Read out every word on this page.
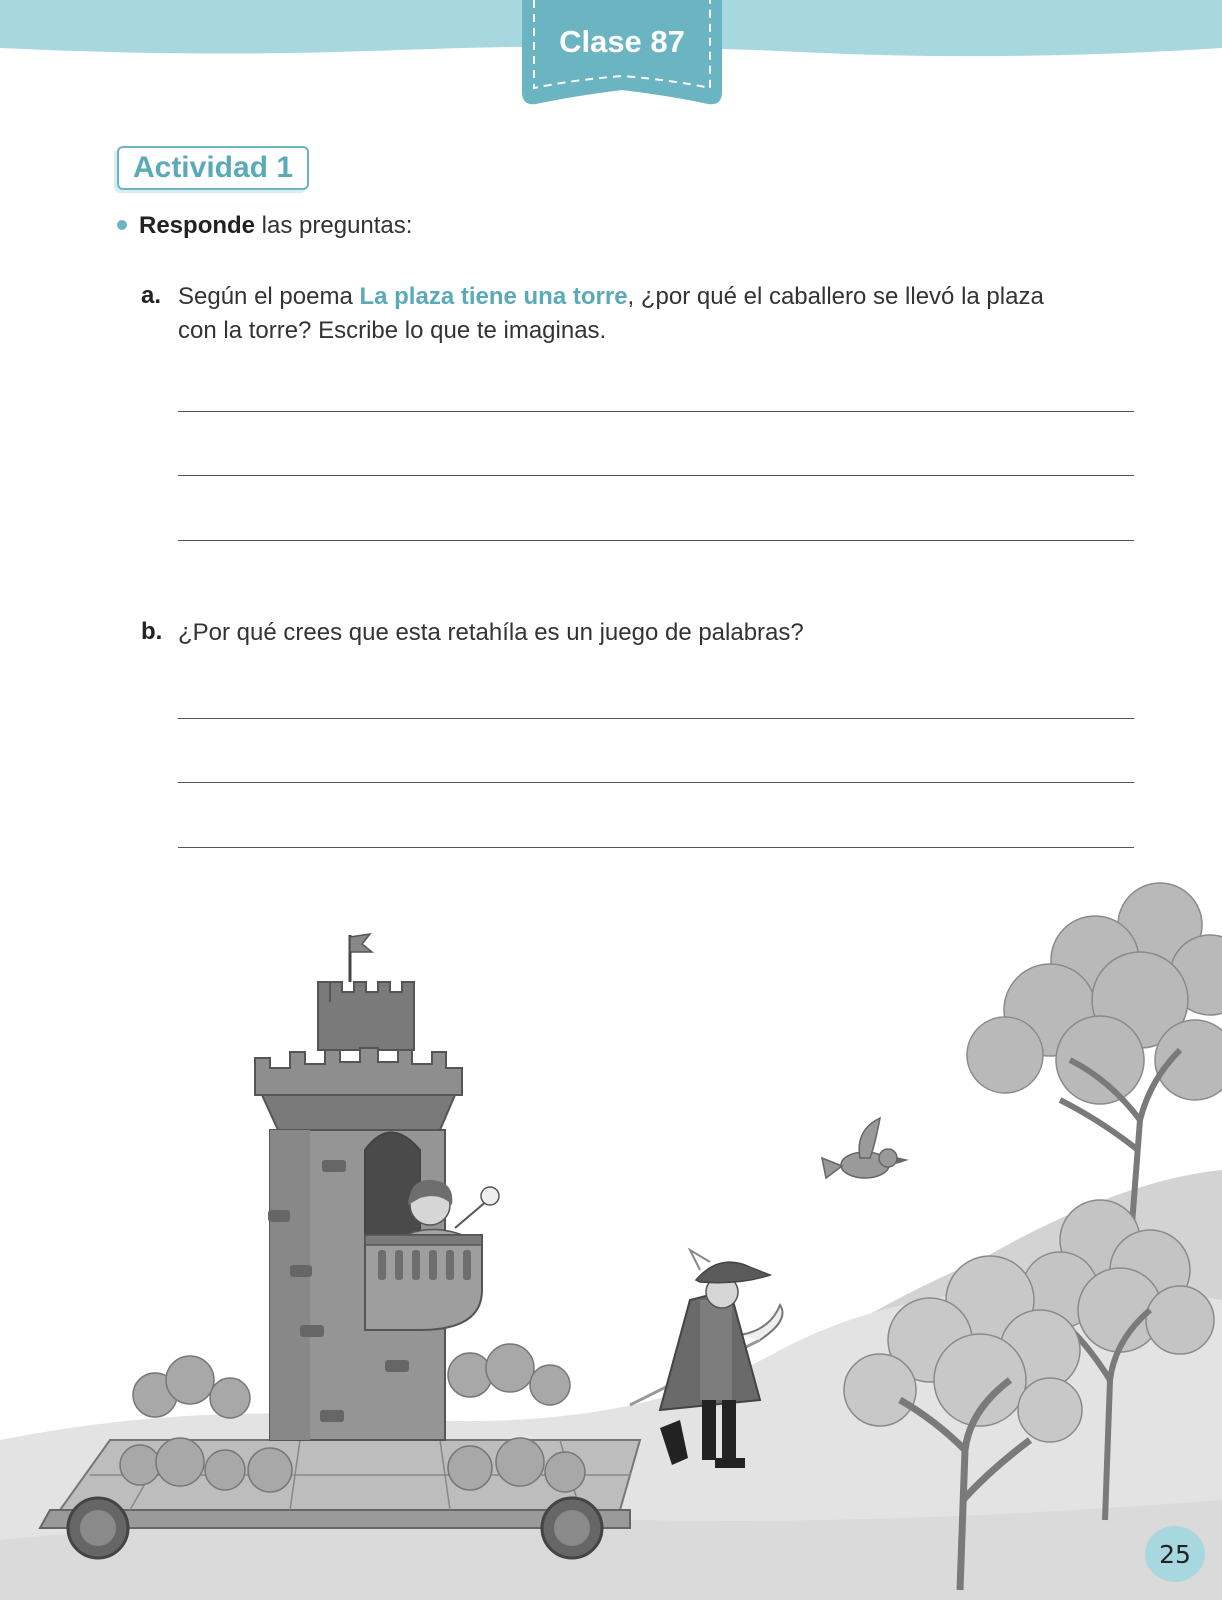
Clase 87
Actividad 1
Responde las preguntas:
a. Según el poema La plaza tiene una torre, ¿por qué el caballero se llevó la plaza con la torre? Escribe lo que te imaginas.
b. ¿Por qué crees que esta retahíla es un juego de palabras?
25
